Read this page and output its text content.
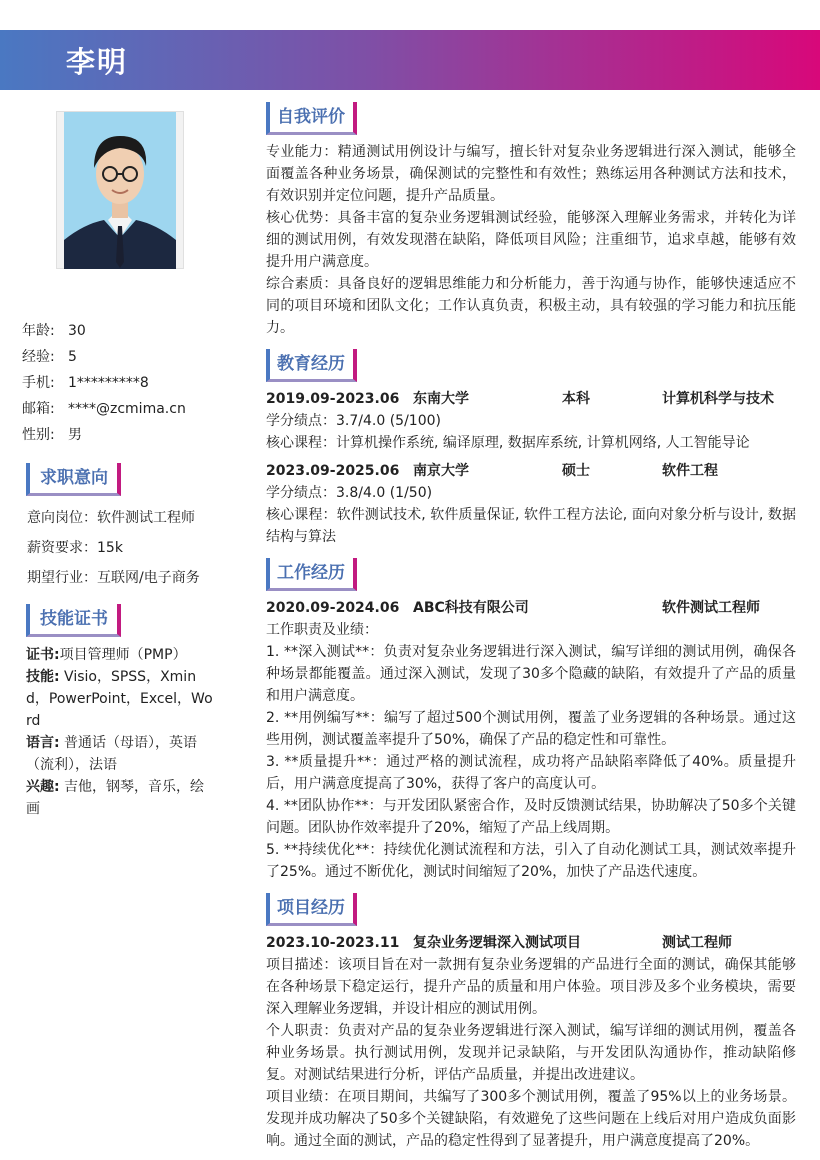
李明
年龄: 30
经验: 5
手机: 1*********8
邮箱: ****@zcmima.cn
性别: 男
求职意向
意向岗位：软件测试工程师
薪资要求：15k
期望行业：互联网/电子商务
技能证书

证书:项目管理师（PMP）

技能: Visio，SPSS，Xmind，PowerPoint，Excel，Word

语言: 普通话（母语），英语（流利），法语

兴趣: 吉他，钢琴，音乐，绘画

自我评价

专业能力：精通测试用例设计与编写，擅长针对复杂业务逻辑进行深入测试，能够全面覆盖各种业务场景，确保测试的完整性和有效性；熟练运用各种测试方法和技术，有效识别并定位问题，提升产品质量。

核心优势：具备丰富的复杂业务逻辑测试经验，能够深入理解业务需求，并转化为详细的测试用例，有效发现潜在缺陷，降低项目风险；注重细节，追求卓越，能够有效提升用户满意度。

综合素质：具备良好的逻辑思维能力和分析能力，善于沟通与协作，能够快速适应不同的项目环境和团队文化；工作认真负责，积极主动，具有较强的学习能力和抗压能力。

教育经历
2019.09-2023.06 东南大学	本科	计算机科学与技术

学分绩点：3.7/4.0 (5/100)

核心课程：计算机操作系统, 编译原理, 数据库系统, 计算机网络, 人工智能导论

2023.09-2025.06 南京大学	硕士	软件工程

学分绩点：3.8/4.0 (1/50)

核心课程：软件测试技术, 软件质量保证, 软件工程方法论, 面向对象分析与设计, 数据结构与算法

工作经历
2020.09-2024.06 ABC科技有限公司	软件测试工程师

工作职责及业绩：

1. **深入测试**：负责对复杂业务逻辑进行深入测试，编写详细的测试用例，确保各种场景都能覆盖。通过深入测试，发现了30多个隐藏的缺陷，有效提升了产品的质量和用户满意度。

2. **用例编写**：编写了超过500个测试用例，覆盖了业务逻辑的各种场景。通过这些用例，测试覆盖率提升了50%，确保了产品的稳定性和可靠性。

3. **质量提升**：通过严格的测试流程，成功将产品缺陷率降低了40%。质量提升后，用户满意度提高了30%，获得了客户的高度认可。

4. **团队协作**：与开发团队紧密合作，及时反馈测试结果，协助解决了50多个关键问题。团队协作效率提升了20%，缩短了产品上线周期。

5. **持续优化**：持续优化测试流程和方法，引入了自动化测试工具，测试效率提升了25%。通过不断优化，测试时间缩短了20%，加快了产品迭代速度。

项目经历
2023.10-2023.11 复杂业务逻辑深入测试项目	测试工程师

项目描述：该项目旨在对一款拥有复杂业务逻辑的产品进行全面的测试，确保其能够在各种场景下稳定运行，提升产品的质量和用户体验。项目涉及多个业务模块，需要深入理解业务逻辑，并设计相应的测试用例。

个人职责：负责对产品的复杂业务逻辑进行深入测试，编写详细的测试用例，覆盖各种业务场景。执行测试用例，发现并记录缺陷，与开发团队沟通协作，推动缺陷修复。对测试结果进行分析，评估产品质量，并提出改进建议。

项目业绩：在项目期间，共编写了300多个测试用例，覆盖了95%以上的业务场景。发现并成功解决了50多个关键缺陷，有效避免了这些问题在上线后对用户造成负面影响。通过全面的测试，产品的稳定性得到了显著提升，用户满意度提高了20%。
